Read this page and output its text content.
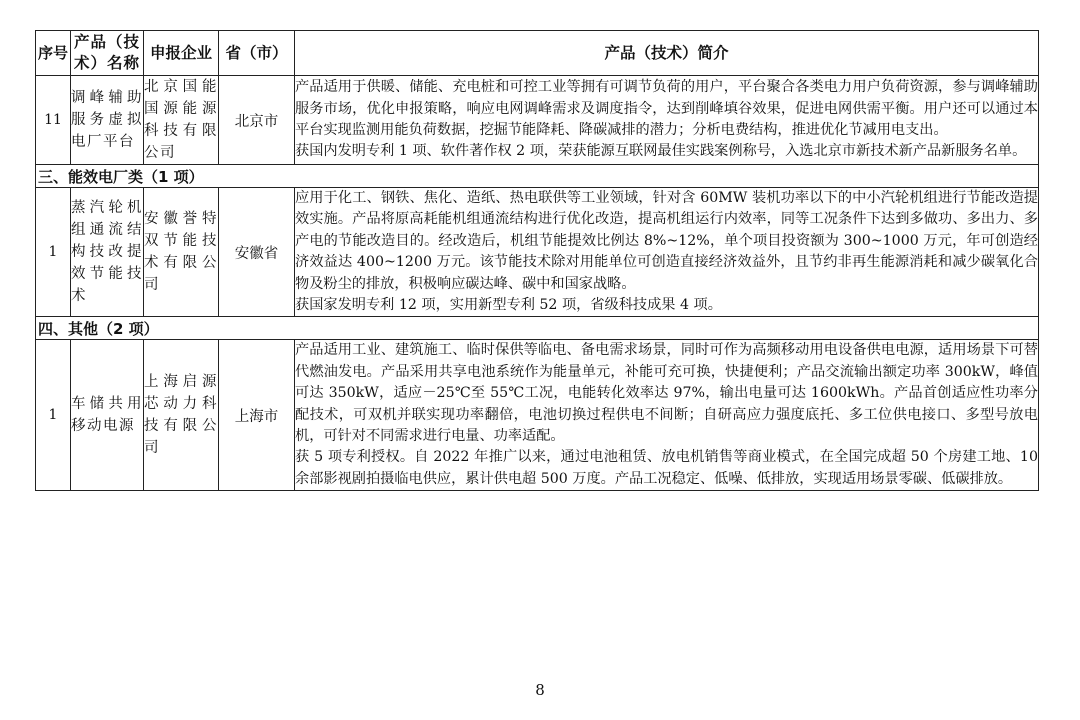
序号	产品（技术）名称	申报企业	省（市）	产品（技术）简介
11	调峰辅助服务虚拟电厂平台	北京国能国源能源科技有限公司	北京市	产品适用于供暖、储能、充电桩和可控工业等拥有可调节负荷的用户，平台聚合各类电力用户负荷资源，参与调峰辅助服务市场，优化申报策略，响应电网调峰需求及调度指令，达到削峰填谷效果，促进电网供需平衡。用户还可以通过本平台实现监测用能负荷数据，挖掘节能降耗、降碳减排的潜力；分析电费结构，推进优化节减用电支出。

获国内发明专利 1 项、软件著作权 2 项，荣获能源互联网最佳实践案例称号，入选北京市新技术新产品新服务名单。

三、能效电厂类（1 项）				
1	蒸汽轮机组通流结构技改提效节能技术	安徽誉特双节能技术有限公司	安徽省	应用于化工、钢铁、焦化、造纸、热电联供等工业领域，针对含 60MW 装机功率以下的中小汽轮机组进行节能改造提效实施。产品将原高耗能机组通流结构进行优化改造，提高机组运行内效率，同等工况条件下达到多做功、多出力、多产电的节能改造目的。经改造后，机组节能提效比例达 8%~12%，单个项目投资额为 300~1000 万元，年可创造经济效益达 400~1200 万元。该节能技术除对用能单位可创造直接经济效益外，且节约非再生能源消耗和减少碳氧化合物及粉尘的排放，积极响应碳达峰、碳中和国家战略。

获国家发明专利 12 项，实用新型专利 52 项，省级科技成果 4 项。

四、其他（2 项）				
1	车储共用移动电源	上海启源芯动力科技有限公司	上海市	产品适用工业、建筑施工、临时保供等临电、备电需求场景，同时可作为高频移动用电设备供电电源，适用场景下可替代燃油发电。产品采用共享电池系统作为能量单元，补能可充可换，快捷便利；产品交流输出额定功率 300kW，峰值可达 350kW，适应－25℃至 55℃工况，电能转化效率达 97%，输出电量可达 1600kWh。产品首创适应性功率分配技术，可双机并联实现功率翻倍，电池切换过程供电不间断；自研高应力强度底托、多工位供电接口、多型号放电机，可针对不同需求进行电量、功率适配。

获 5 项专利授权。自 2022 年推广以来，通过电池租赁、放电机销售等商业模式，在全国完成超 50 个房建工地、10 余部影视剧拍摄临电供应，累计供电超 500 万度。产品工况稳定、低噪、低排放，实现适用场景零碳、低碳排放。

8
